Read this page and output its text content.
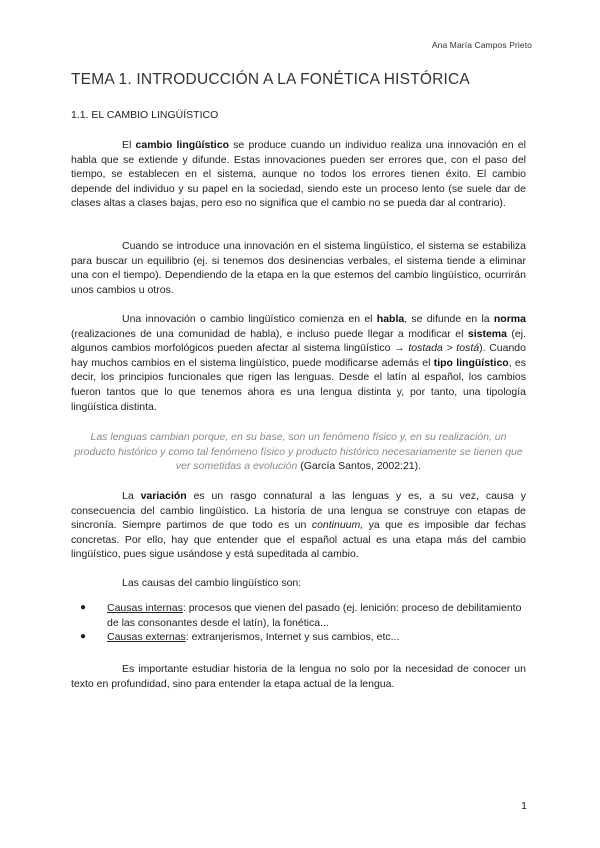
Ana María Campos Prieto
TEMA 1. INTRODUCCIÓN A LA FONÉTICA HISTÓRICA
1.1. EL CAMBIO LINGÜÍSTICO

El cambio lingüístico se produce cuando un individuo realiza una innovación en el habla que se extiende y difunde. Estas innovaciones pueden ser errores que, con el paso del tiempo, se establecen en el sistema, aunque no todos los errores tienen éxito. El cambio depende del individuo y su papel en la sociedad, siendo este un proceso lento (se suele dar de clases altas a clases bajas, pero eso no significa que el cambio no se pueda dar al contrario).

Cuando se introduce una innovación en el sistema lingüístico, el sistema se estabiliza para buscar un equilibrio (ej. si tenemos dos desinencias verbales, el sistema tiende a eliminar una con el tiempo). Dependiendo de la etapa en la que estemos del cambio lingüístico, ocurrirán unos cambios u otros.

Una innovación o cambio lingüístico comienza en el habla, se difunde en la norma (realizaciones de una comunidad de habla), e incluso puede llegar a modificar el sistema (ej. algunos cambios morfológicos pueden afectar al sistema lingüístico → tostada > tostá). Cuando hay muchos cambios en el sistema lingüístico, puede modificarse además el tipo lingüístico, es decir, los principios funcionales que rigen las lenguas. Desde el latín al español, los cambios fueron tantos que lo que tenemos ahora es una lengua distinta y, por tanto, una tipología lingüística distinta.

Las lenguas cambian porque, en su base, son un fenómeno físico y, en su realización, un producto histórico y como tal fenómeno físico y producto histórico necesariamente se tienen que ver sometidas a evolución (García Santos, 2002:21).

La variación es un rasgo connatural a las lenguas y es, a su vez, causa y consecuencia del cambio lingüístico. La historia de una lengua se construye con etapas de sincronía. Siempre partimos de que todo es un continuum, ya que es imposible dar fechas concretas. Por ello, hay que entender que el español actual es una etapa más del cambio lingüístico, pues sigue usándose y está supeditada al cambio.

Las causas del cambio lingüístico son:

● Causas internas: procesos que vienen del pasado (ej. lenición: proceso de debilitamiento de las consonantes desde el latín), la fonética...
● Causas externas: extranjerismos, Internet y sus cambios, etc...

Es importante estudiar historia de la lengua no solo por la necesidad de conocer un texto en profundidad, sino para entender la etapa actual de la lengua.

1
